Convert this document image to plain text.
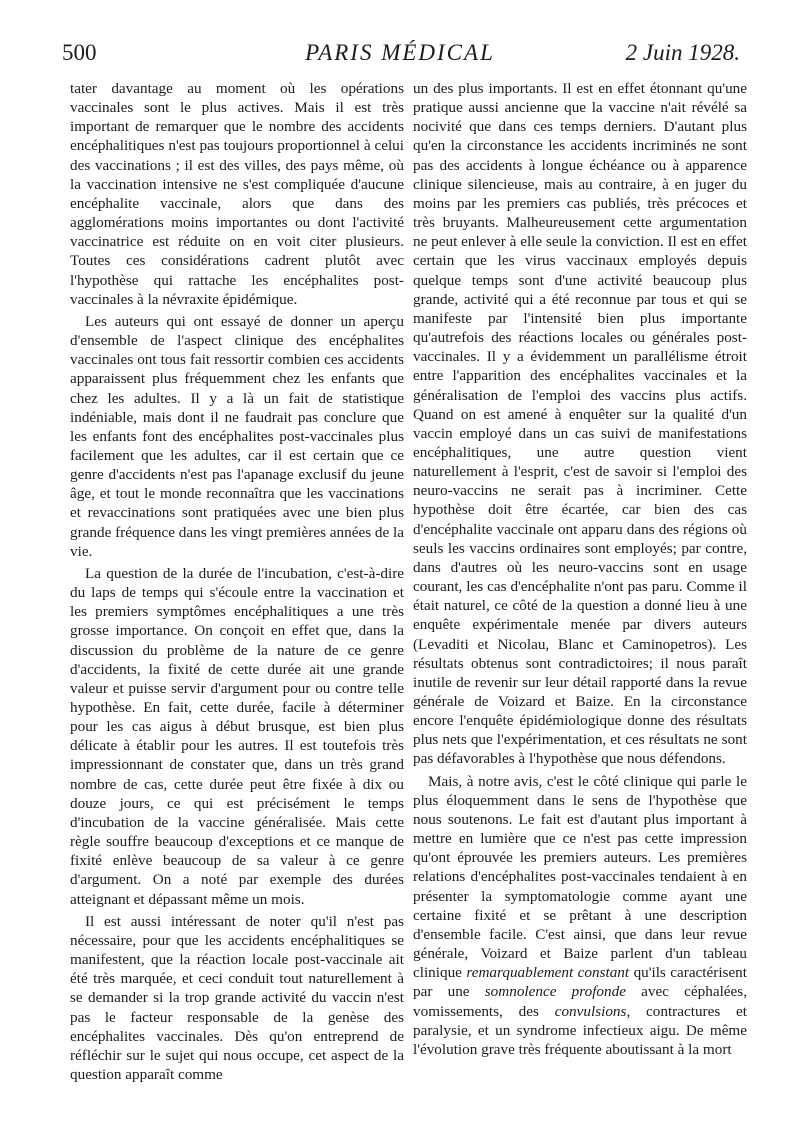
500	PARIS MÉDICAL	2 Juin 1928.

tater davantage au moment où les opérations vaccinales sont le plus actives. Mais il est très important de remarquer que le nombre des accidents encéphalitiques n'est pas toujours proportionnel à celui des vaccinations ; il est des villes, des pays même, où la vaccination intensive ne s'est compliquée d'aucune encéphalite vaccinale, alors que dans des agglomérations moins importantes ou dont l'activité vaccinatrice est réduite on en voit citer plusieurs. Toutes ces considérations cadrent plutôt avec l'hypothèse qui rattache les encéphalites post-vaccinales à la névraxite épidémique.

Les auteurs qui ont essayé de donner un aperçu d'ensemble de l'aspect clinique des encéphalites vaccinales ont tous fait ressortir combien ces accidents apparaissent plus fréquemment chez les enfants que chez les adultes. Il y a là un fait de statistique indéniable, mais dont il ne faudrait pas conclure que les enfants font des encéphalites post-vaccinales plus facilement que les adultes, car il est certain que ce genre d'accidents n'est pas l'apanage exclusif du jeune âge, et tout le monde reconnaîtra que les vaccinations et revaccinations sont pratiquées avec une bien plus grande fréquence dans les vingt premières années de la vie.

La question de la durée de l'incubation, c'est-à-dire du laps de temps qui s'écoule entre la vaccination et les premiers symptômes encéphalitiques a une très grosse importance. On conçoit en effet que, dans la discussion du problème de la nature de ce genre d'accidents, la fixité de cette durée ait une grande valeur et puisse servir d'argument pour ou contre telle hypothèse. En fait, cette durée, facile à déterminer pour les cas aigus à début brusque, est bien plus délicate à établir pour les autres. Il est toutefois très impressionnant de constater que, dans un très grand nombre de cas, cette durée peut être fixée à dix ou douze jours, ce qui est précisément le temps d'incubation de la vaccine généralisée. Mais cette règle souffre beaucoup d'exceptions et ce manque de fixité enlève beaucoup de sa valeur à ce genre d'argument. On a noté par exemple des durées atteignant et dépassant même un mois.

Il est aussi intéressant de noter qu'il n'est pas nécessaire, pour que les accidents encéphalitiques se manifestent, que la réaction locale post-vaccinale ait été très marquée, et ceci conduit tout naturellement à se demander si la trop grande activité du vaccin n'est pas le facteur responsable de la genèse des encéphalites vaccinales. Dès qu'on entreprend de réfléchir sur le sujet qui nous occupe, cet aspect de la question apparaît comme

un des plus importants. Il est en effet étonnant qu'une pratique aussi ancienne que la vaccine n'ait révélé sa nocivité que dans ces temps derniers. D'autant plus qu'en la circonstance les accidents incriminés ne sont pas des accidents à longue échéance ou à apparence clinique silencieuse, mais au contraire, à en juger du moins par les premiers cas publiés, très précoces et très bruyants. Malheureusement cette argumentation ne peut enlever à elle seule la conviction. Il est en effet certain que les virus vaccinaux employés depuis quelque temps sont d'une activité beaucoup plus grande, activité qui a été reconnue par tous et qui se manifeste par l'intensité bien plus importante qu'autrefois des réactions locales ou générales post-vaccinales. Il y a évidemment un parallélisme étroit entre l'apparition des encéphalites vaccinales et la généralisation de l'emploi des vaccins plus actifs. Quand on est amené à enquêter sur la qualité d'un vaccin employé dans un cas suivi de manifestations encéphalitiques, une autre question vient naturellement à l'esprit, c'est de savoir si l'emploi des neuro-vaccins ne serait pas à incriminer. Cette hypothèse doit être écartée, car bien des cas d'encéphalite vaccinale ont apparu dans des régions où seuls les vaccins ordinaires sont employés; par contre, dans d'autres où les neuro-vaccins sont en usage courant, les cas d'encéphalite n'ont pas paru. Comme il était naturel, ce côté de la question a donné lieu à une enquête expérimentale menée par divers auteurs (Levaditi et Nicolau, Blanc et Caminopetros). Les résultats obtenus sont contradictoires; il nous paraît inutile de revenir sur leur détail rapporté dans la revue générale de Voizard et Baize. En la circonstance encore l'enquête épidémiologique donne des résultats plus nets que l'expérimentation, et ces résultats ne sont pas défavorables à l'hypothèse que nous défendons.

Mais, à notre avis, c'est le côté clinique qui parle le plus éloquemment dans le sens de l'hypothèse que nous soutenons. Le fait est d'autant plus important à mettre en lumière que ce n'est pas cette impression qu'ont éprouvée les premiers auteurs. Les premières relations d'encéphalites post-vaccinales tendaient à en présenter la symptomatologie comme ayant une certaine fixité et se prêtant à une description d'ensemble facile. C'est ainsi, que dans leur revue générale, Voizard et Baize parlent d'un tableau clinique remarquablement constant qu'ils caractérisent par une somnolence profonde avec céphalées, vomissements, des convulsions, contractures et paralysie, et un syndrome infectieux aigu. De même l'évolution grave très fréquente aboutissant à la mort
